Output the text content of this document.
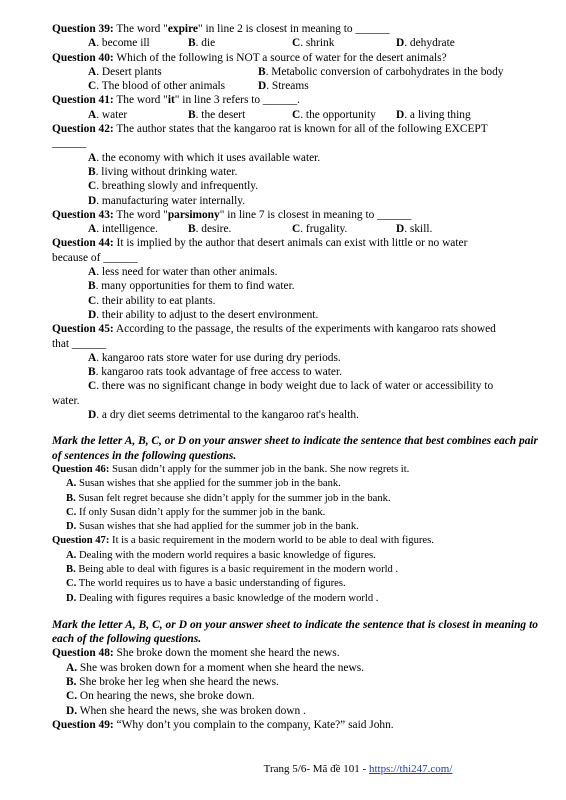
Question 39: The word "expire" in line 2 is closest in meaning to ______
A. become ill	B. die	C. shrink	D. dehydrate
Question 40: Which of the following is NOT a source of water for the desert animals?
A. Desert plants	B. Metabolic conversion of carbohydrates in the body
C. The blood of other animals	D. Streams
Question 41: The word "it" in line 3 refers to ______.
A. water	B. the desert	C. the opportunity	D. a living thing
Question 42: The author states that the kangaroo rat is known for all of the following EXCEPT
______
A. the economy with which it uses available water.
B. living without drinking water.
C. breathing slowly and infrequently.
D. manufacturing water internally.
Question 43: The word "parsimony" in line 7 is closest in meaning to ______
A. intelligence.	B. desire.	C. frugality.	D. skill.
Question 44: It is implied by the author that desert animals can exist with little or no water
because of ______
A. less need for water than other animals.
B. many opportunities for them to find water.
C. their ability to eat plants.
D. their ability to adjust to the desert environment.
Question 45: According to the passage, the results of the experiments with kangaroo rats showed
that ______
A. kangaroo rats store water for use during dry periods.
B. kangaroo rats took advantage of free access to water.
C. there was no significant change in body weight due to lack of water or accessibility to
water.
D. a dry diet seems detrimental to the kangaroo rat's health.
Mark the letter A, B, C, or D on your answer sheet to indicate the sentence that best combines each pair of sentences in the following questions.
Question 46: Susan didn’t apply for the summer job in the bank. She now regrets it.
A. Susan wishes that she applied for the summer job in the bank.
B. Susan felt regret because she didn’t apply for the summer job in the bank.
C. If only Susan didn’t apply for the summer job in the bank.
D. Susan wishes that she had applied for the summer job in the bank.
Question 47: It is a basic requirement in the modern world to be able to deal with figures.
A. Dealing with the modern world requires a basic knowledge of figures.
B. Being able to deal with figures is a basic requirement in the modern world .
C. The world requires us to have a basic understanding of figures.
D. Dealing with figures requires a basic knowledge of the modern world .
Mark the letter A, B, C, or D on your answer sheet to indicate the sentence that is closest in meaning to each of the following questions.
Question 48: She broke down the moment she heard the news.
A. She was broken down for a moment when she heard the news.
B. She broke her leg when she heard the news.
C. On hearing the news, she broke down.
D. When she heard the news, she was broken down .
Question 49: “Why don’t you complain to the company, Kate?” said John.
Trang 5/6- Mã đề 101 - https://thi247.com/
